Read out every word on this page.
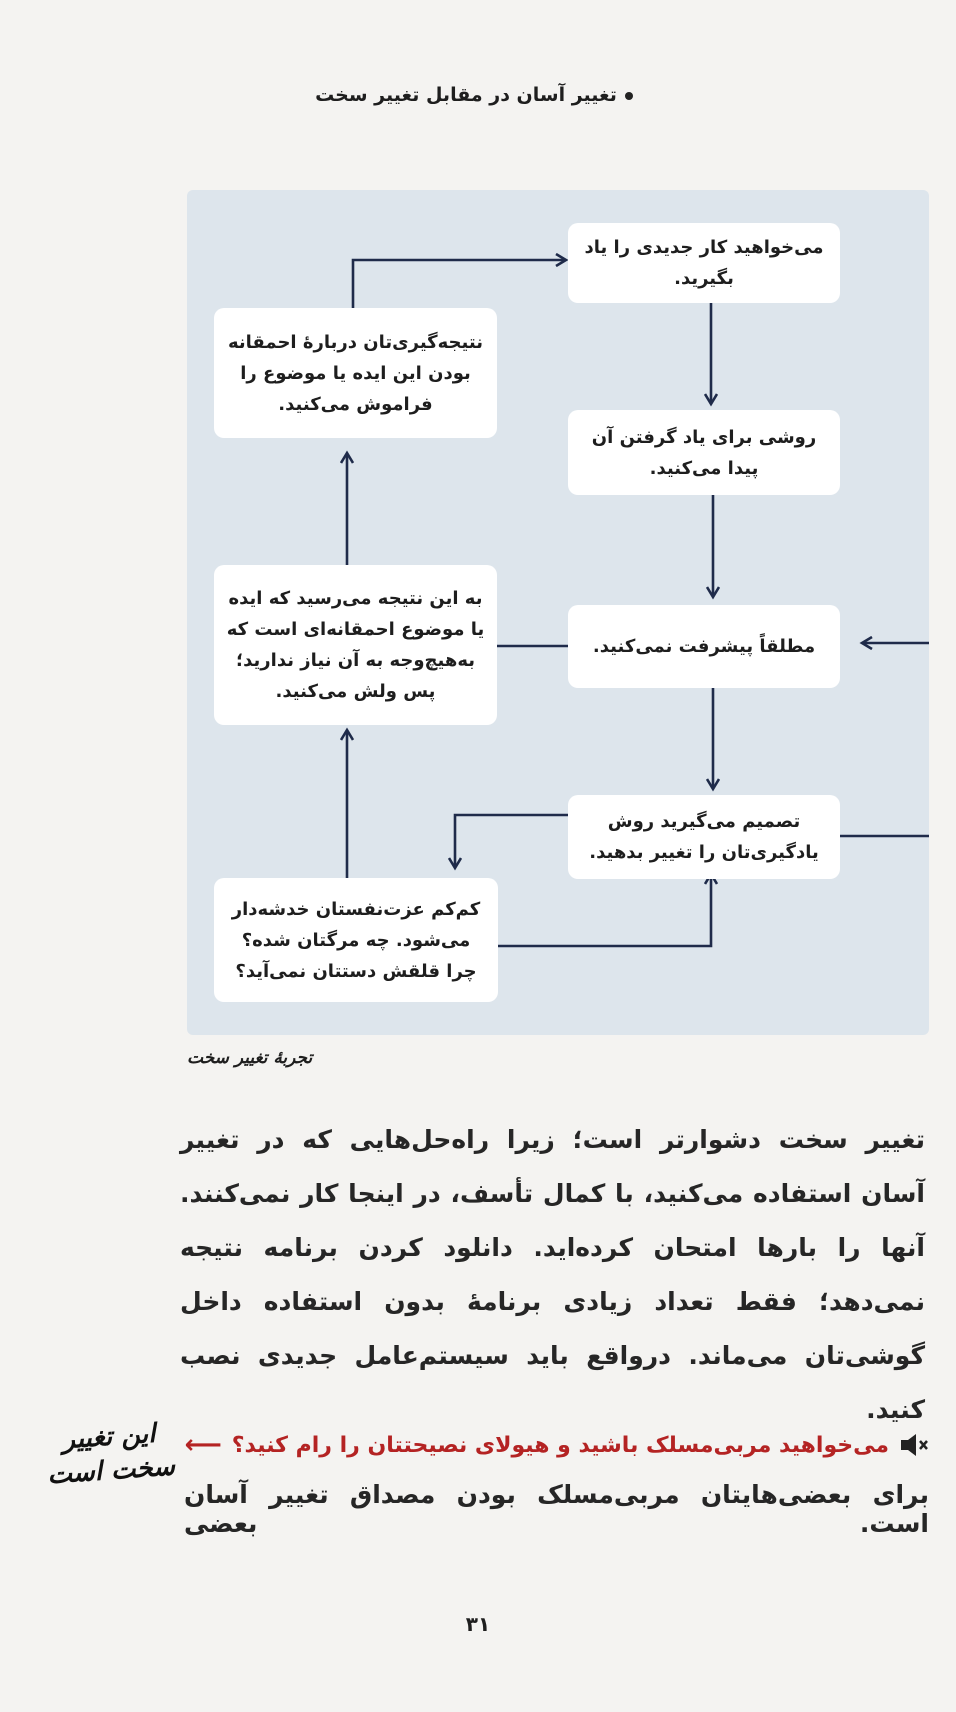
تغییر آسان در مقابل تغییر سخت
می‌خواهید کار جدیدی را یاد بگیرید.
روشی برای یاد گرفتن آن پیدا می‌کنید.
مطلقاً پیشرفت نمی‌کنید.
تصمیم می‌گیرید روش یادگیری‌تان را تغییر بدهید.
کم‌کم عزت‌نفستان خدشه‌دار می‌شود. چه مرگتان شده؟ چرا قلقش دستتان نمی‌آید؟
به این نتیجه می‌رسید که ایده یا موضوع احمقانه‌ای است که به‌هیچ‌وجه به آن نیاز ندارید؛ پس ولش می‌کنید.
نتیجه‌گیری‌تان دربارهٔ احمقانه بودن این ایده یا موضوع را فراموش می‌کنید.
تجربهٔ تغییر سخت
تغییر سخت دشوارتر است؛ زیرا راه‌حل‌هایی که در تغییر آسان استفاده می‌کنید، با کمال تأسف، در اینجا کار نمی‌کنند. آنها را بارها امتحان کرده‌اید. دانلود کردن برنامه نتیجه نمی‌دهد؛ فقط تعداد زیادی برنامهٔ بدون استفاده داخل گوشی‌تان می‌ماند. درواقع باید سیستم‌عامل جدیدی نصب کنید.
می‌خواهید مربی‌مسلک باشید و هیولای نصیحتتان را رام کنید؟
⟵
برای بعضی‌هایتان مربی‌مسلک بودن مصداق تغییر آسان است. بعضی
این تغییر سخت است
۳۱
